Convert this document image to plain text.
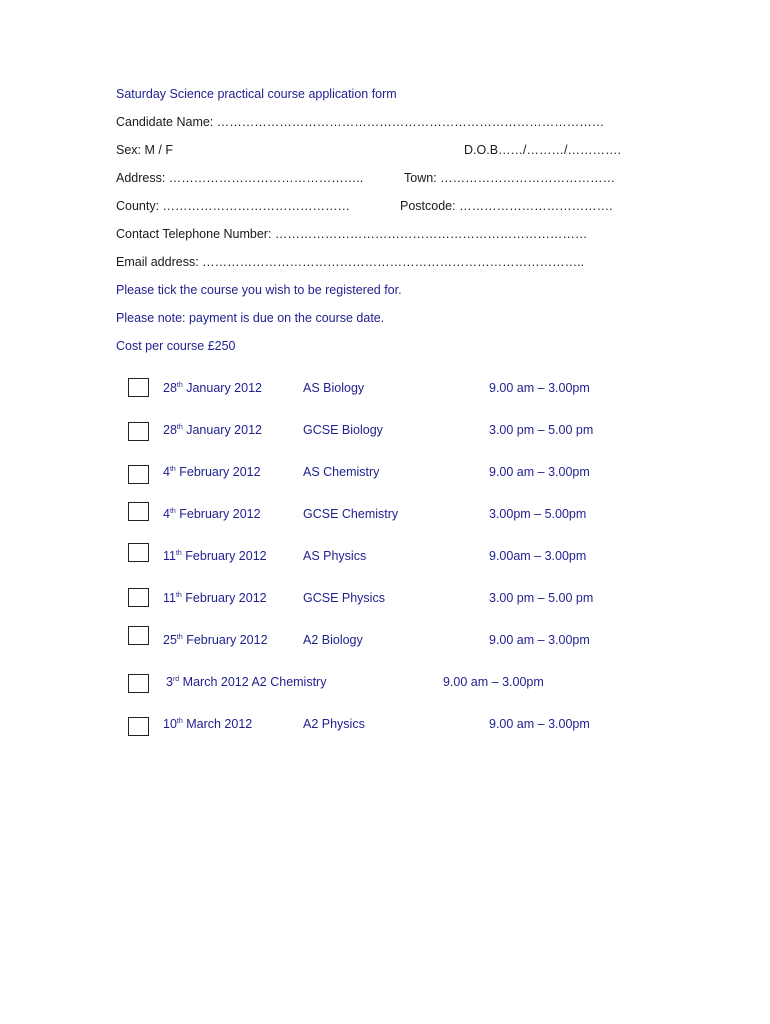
Saturday Science practical course application form
Candidate Name: …………………………………………………………………………………
Sex: M / F	D.O.B……/………/………….
Address: ………………………………………..	Town: ……………………………………
County: ………………………………………	Postcode: ……………………………….
Contact Telephone Number: …………………………………………………………………
Email address: ………………………………………………………………………………..
Please tick the course you wish to be registered for.
Please note: payment is due on the course date.
Cost per course £250
28th January 2012	AS Biology	9.00 am – 3.00pm
28th January 2012	GCSE Biology	3.00 pm – 5.00 pm
4th February 2012	AS Chemistry	9.00 am – 3.00pm
4th February 2012	GCSE Chemistry	3.00pm – 5.00pm
11th February 2012	AS Physics	9.00am – 3.00pm
11th February 2012	GCSE Physics	3.00 pm – 5.00 pm
25th February 2012	A2 Biology	9.00 am – 3.00pm
3rd March 2012 A2 Chemistry	9.00 am – 3.00pm
10th March 2012	A2 Physics	9.00 am – 3.00pm
